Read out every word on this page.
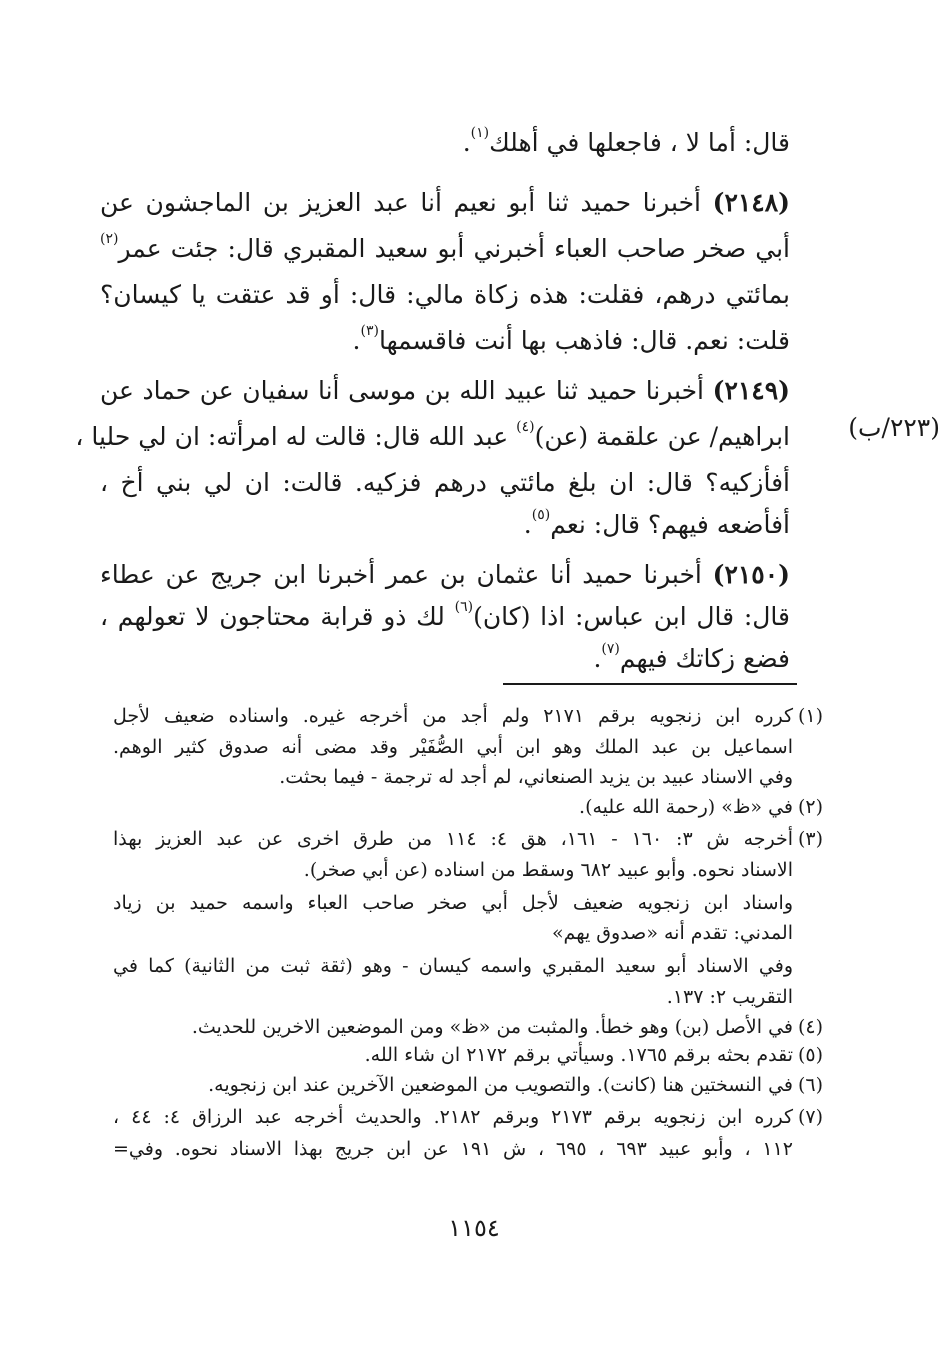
قال: أما لا ، فاجعلها في أهلك$^{(١)}$.
(٢١٤٨) أخبرنا حميد ثنا أبو نعيم أنا عبد العزيز بن الماجشون عن
أبي صخر صاحب العباء أخبرني أبو سعيد المقبري قال: جئت عمر$^{(٢)}$
بمائتي درهم، فقلت: هذه زكاة مالي: قال: أو قد عتقت يا كيسان؟
قلت: نعم. قال: فاذهب بها أنت فاقسمها$^{(٣)}$.
(٢١٤٩) أخبرنا حميد ثنا عبيد الله بن موسى أنا سفيان عن حماد عن
(٢٢٣/ب)
ابراهيم/ عن علقمة (عن)$^{(٤)}$ عبد الله قال: قالت له امرأته: ان لي حليا ،
أفأزكيه؟ قال: ان بلغ مائتي درهم فزكيه. قالت: ان لي بني أخ ،
أفأضعه فيهم؟ قال: نعم$^{(٥)}$.
(٢١٥٠) أخبرنا حميد أنا عثمان بن عمر أخبرنا ابن جريج عن عطاء
قال: قال ابن عباس: اذا (كان)$^{(٦)}$ لك ذو قرابة محتاجون لا تعولهم ،
فضع زكاتك فيهم$^{(٧)}$.
(١)
كرره ابن زنجويه برقم ٢١٧١ ولم أجد من أخرجه غيره. واسناده ضعيف لأجل
اسماعيل بن عبد الملك وهو ابن أبي الصُّفَيْر وقد مضى أنه صدوق كثير الوهم.
وفي الاسناد عبيد بن يزيد الصنعاني، لم أجد له ترجمة - فيما بحثت.
(٢)
في «ظ» (رحمة الله عليه).
(٣)
أخرجه ش ٣: ١٦٠ - ١٦١، هق ٤: ١١٤ من طرق اخرى عن عبد العزيز بهذا
الاسناد نحوه. وأبو عبيد ٦٨٢ وسقط من اسناده (عن أبي صخر).
واسناد ابن زنجويه ضعيف لأجل أبي صخر صاحب العباء واسمه حميد بن زياد
المدني: تقدم أنه «صدوق يهم»
وفي الاسناد أبو سعيد المقبري واسمه كيسان - وهو (ثقة ثبت من الثانية) كما في
التقريب ٢: ١٣٧.
(٤)
في الأصل (بن) وهو خطأ. والمثبت من «ظ» ومن الموضعين الاخرين للحديث.
(٥)
تقدم بحثه برقم ١٧٦٥. وسيأتي برقم ٢١٧٢ ان شاء الله.
(٦)
في النسختين هنا (كانت). والتصويب من الموضعين الآخرين عند ابن زنجويه.
(٧)
كرره ابن زنجويه برقم ٢١٧٣ وبرقم ٢١٨٢. والحديث أخرجه عبد الرزاق ٤: ٤٤ ،
١١٢ ، وأبو عبيد ٦٩٣ ، ٦٩٥ ، ش ١٩١ عن ابن جريج بهذا الاسناد نحوه. وفي=
١١٥٤
